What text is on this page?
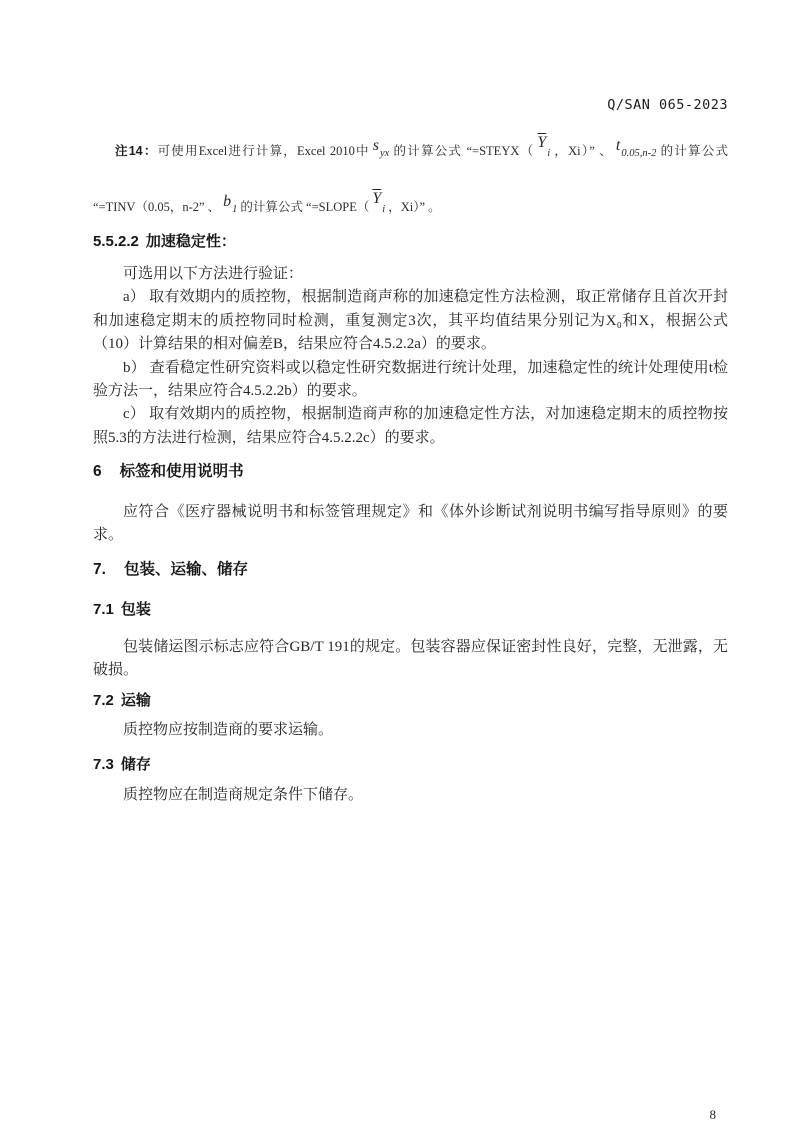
Q/SAN 065-2023

注14：可使用Excel进行计算，Excel 2010中 syx 的计算公式 “=STEYX（ $\overline{Y}i$ ，Xi）” 、 t0.05,n-2 的计算公式 “=TINV（0.05，n-2” 、 b1 的计算公式 “=SLOPE（ $\overline{Y}i$ ，Xi）” 。

5.5.2.2 加速稳定性：

可选用以下方法进行验证：

a） 取有效期内的质控物，根据制造商声称的加速稳定性方法检测，取正常储存且首次开封和加速稳定期末的质控物同时检测，重复测定3次，其平均值结果分别记为X₀和X，根据公式（10）计算结果的相对偏差B，结果应符合4.5.2.2a）的要求。

b） 查看稳定性研究资料或以稳定性研究数据进行统计处理，加速稳定性的统计处理使用t检验方法一，结果应符合4.5.2.2b）的要求。

c） 取有效期内的质控物，根据制造商声称的加速稳定性方法，对加速稳定期末的质控物按照5.3的方法进行检测，结果应符合4.5.2.2c）的要求。

6 标签和使用说明书

应符合《医疗器械说明书和标签管理规定》和《体外诊断试剂说明书编写指导原则》的要求。

7. 包装、运输、储存
7.1 包装

包装储运图示标志应符合GB/T 191的规定。包装容器应保证密封性良好，完整，无泄露，无破损。

7.2 运输

质控物应按制造商的要求运输。

7.3 储存

质控物应在制造商规定条件下储存。

8
